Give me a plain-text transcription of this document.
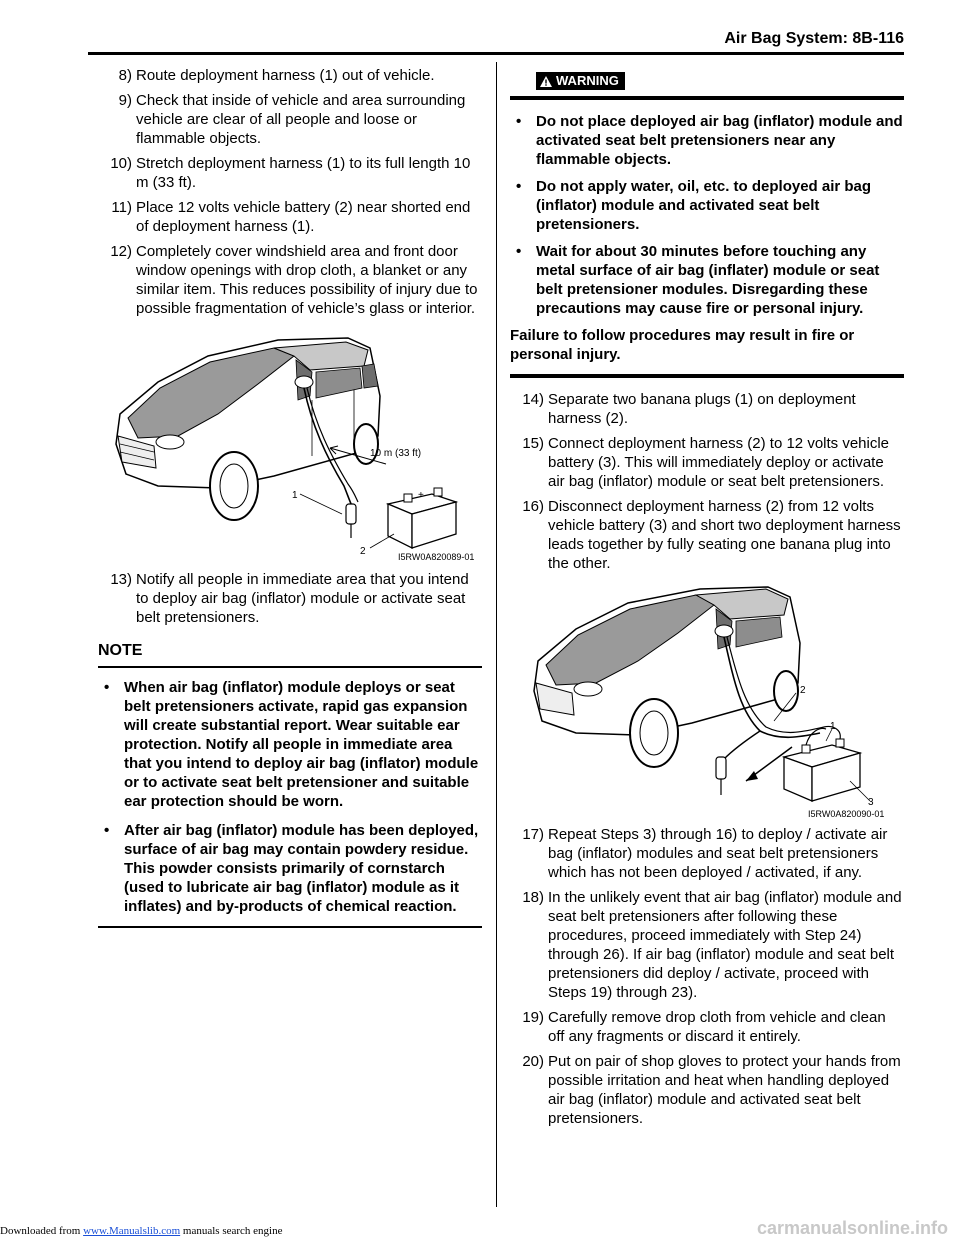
Air Bag System: 8B-116
8) Route deployment harness (1) out of vehicle.
9) Check that inside of vehicle and area surrounding vehicle are clear of all people and loose or flammable objects.
10) Stretch deployment harness (1) to its full length 10 m (33 ft).
11) Place 12 volts vehicle battery (2) near shorted end of deployment harness (1).
12) Completely cover windshield area and front door window openings with drop cloth, a blanket or any similar item. This reduces possibility of injury due to possible fragmentation of vehicle’s glass or interior.
+
10 m (33 ft)
1
2	I5RW0A820089-01
13) Notify all people in immediate area that you intend to deploy air bag (inflator) module or activate seat belt pretensioners.
NOTE
• When air bag (inflator) module deploys or seat belt pretensioners activate, rapid gas expansion will create substantial report. Wear suitable ear protection. Notify all people in immediate area that you intend to deploy air bag (inflator) module or to activate seat belt pretensioner and suitable ear protection should be worn.
• After air bag (inflator) module has been deployed, surface of air bag may contain powdery residue. This powder consists primarily of cornstarch (used to lubricate air bag (inflator) module as it inflates) and by-products of chemical reaction.
WARNING
• Do not place deployed air bag (inflator) module and activated seat belt pretensioners near any flammable objects.
• Do not apply water, oil, etc. to deployed air bag (inflator) module and activated seat belt pretensioners.
• Wait for about 30 minutes before touching any metal surface of air bag (inflater) module or seat belt pretensioner modules. Disregarding these precautions may cause fire or personal injury.
Failure to follow procedures may result in fire or personal injury.
14) Separate two banana plugs (1) on deployment harness (2).
15) Connect deployment harness (2) to 12 volts vehicle battery (3). This will immediately deploy or activate air bag (inflator) module or seat belt pretensioners.
16) Disconnect deployment harness (2) from 12 volts vehicle battery (3) and short two deployment harness leads together by fully seating one banana plug into the other.
2
1
3
I5RW0A820090-01
17) Repeat Steps 3) through 16) to deploy / activate air bag (inflator) modules and seat belt pretensioners which has not been deployed / activated, if any.
18) In the unlikely event that air bag (inflator) module and seat belt pretensioners after following these procedures, proceed immediately with Step 24) through 26). If air bag (inflator) module and seat belt pretensioners did deploy / activate, proceed with Steps 19) through 23).
19) Carefully remove drop cloth from vehicle and clean off any fragments or discard it entirely.
20) Put on pair of shop gloves to protect your hands from possible irritation and heat when handling deployed air bag (inflator) module and activated seat belt pretensioners.
Downloaded from www.Manualslib.com manuals search engine	carmanualsonline.info
